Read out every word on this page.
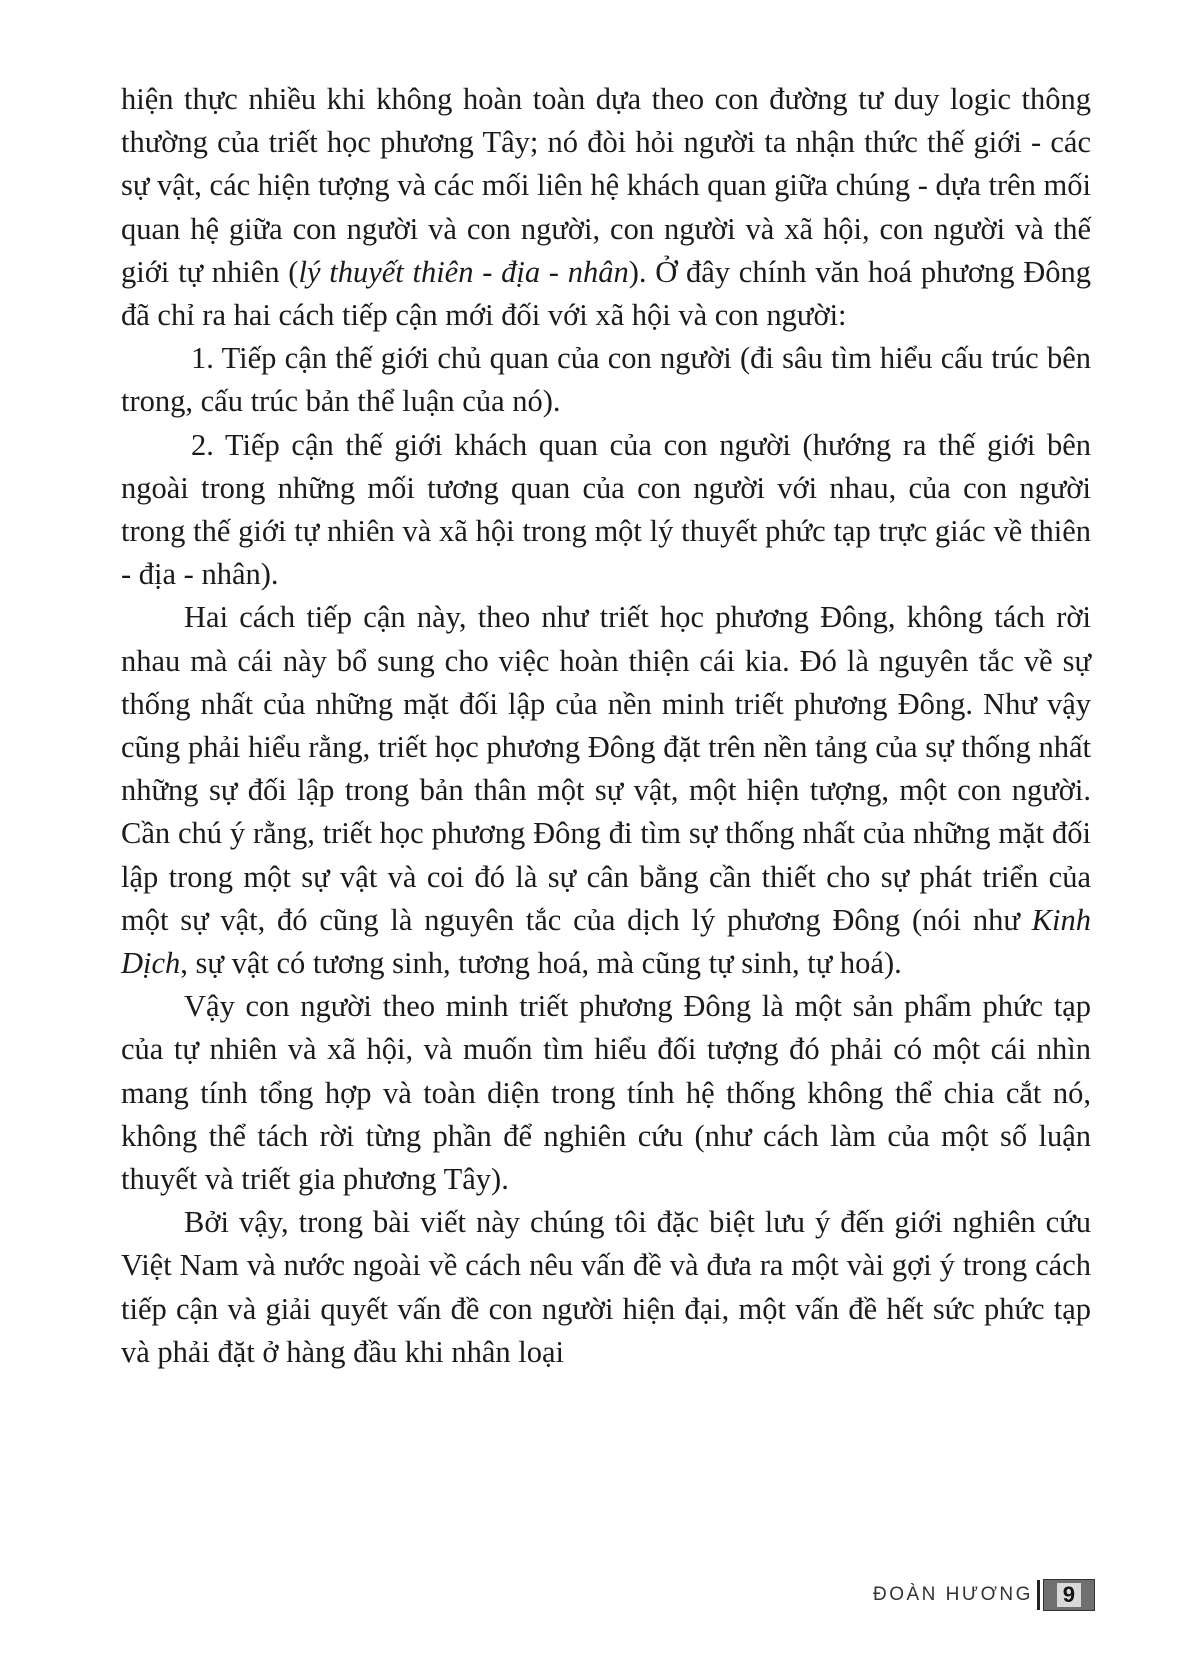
hiện thực nhiều khi không hoàn toàn dựa theo con đường tư duy logic thông thường của triết học phương Tây; nó đòi hỏi người ta nhận thức thế giới - các sự vật, các hiện tượng và các mối liên hệ khách quan giữa chúng - dựa trên mối quan hệ giữa con người và con người, con người và xã hội, con người và thế giới tự nhiên (lý thuyết thiên - địa - nhân). Ở đây chính văn hoá phương Đông đã chỉ ra hai cách tiếp cận mới đối với xã hội và con người:

1. Tiếp cận thế giới chủ quan của con người (đi sâu tìm hiểu cấu trúc bên trong, cấu trúc bản thể luận của nó).

2. Tiếp cận thế giới khách quan của con người (hướng ra thế giới bên ngoài trong những mối tương quan của con người với nhau, của con người trong thế giới tự nhiên và xã hội trong một lý thuyết phức tạp trực giác về thiên - địa - nhân).

Hai cách tiếp cận này, theo như triết học phương Đông, không tách rời nhau mà cái này bổ sung cho việc hoàn thiện cái kia. Đó là nguyên tắc về sự thống nhất của những mặt đối lập của nền minh triết phương Đông. Như vậy cũng phải hiểu rằng, triết học phương Đông đặt trên nền tảng của sự thống nhất những sự đối lập trong bản thân một sự vật, một hiện tượng, một con người. Cần chú ý rằng, triết học phương Đông đi tìm sự thống nhất của những mặt đối lập trong một sự vật và coi đó là sự cân bằng cần thiết cho sự phát triển của một sự vật, đó cũng là nguyên tắc của dịch lý phương Đông (nói như Kinh Dịch, sự vật có tương sinh, tương hoá, mà cũng tự sinh, tự hoá).

Vậy con người theo minh triết phương Đông là một sản phẩm phức tạp của tự nhiên và xã hội, và muốn tìm hiểu đối tượng đó phải có một cái nhìn mang tính tổng hợp và toàn diện trong tính hệ thống không thể chia cắt nó, không thể tách rời từng phần để nghiên cứu (như cách làm của một số luận thuyết và triết gia phương Tây).

Bởi vậy, trong bài viết này chúng tôi đặc biệt lưu ý đến giới nghiên cứu Việt Nam và nước ngoài về cách nêu vấn đề và đưa ra một vài gợi ý trong cách tiếp cận và giải quyết vấn đề con người hiện đại, một vấn đề hết sức phức tạp và phải đặt ở hàng đầu khi nhân loại

ĐOÀN HƯƠNG	9
